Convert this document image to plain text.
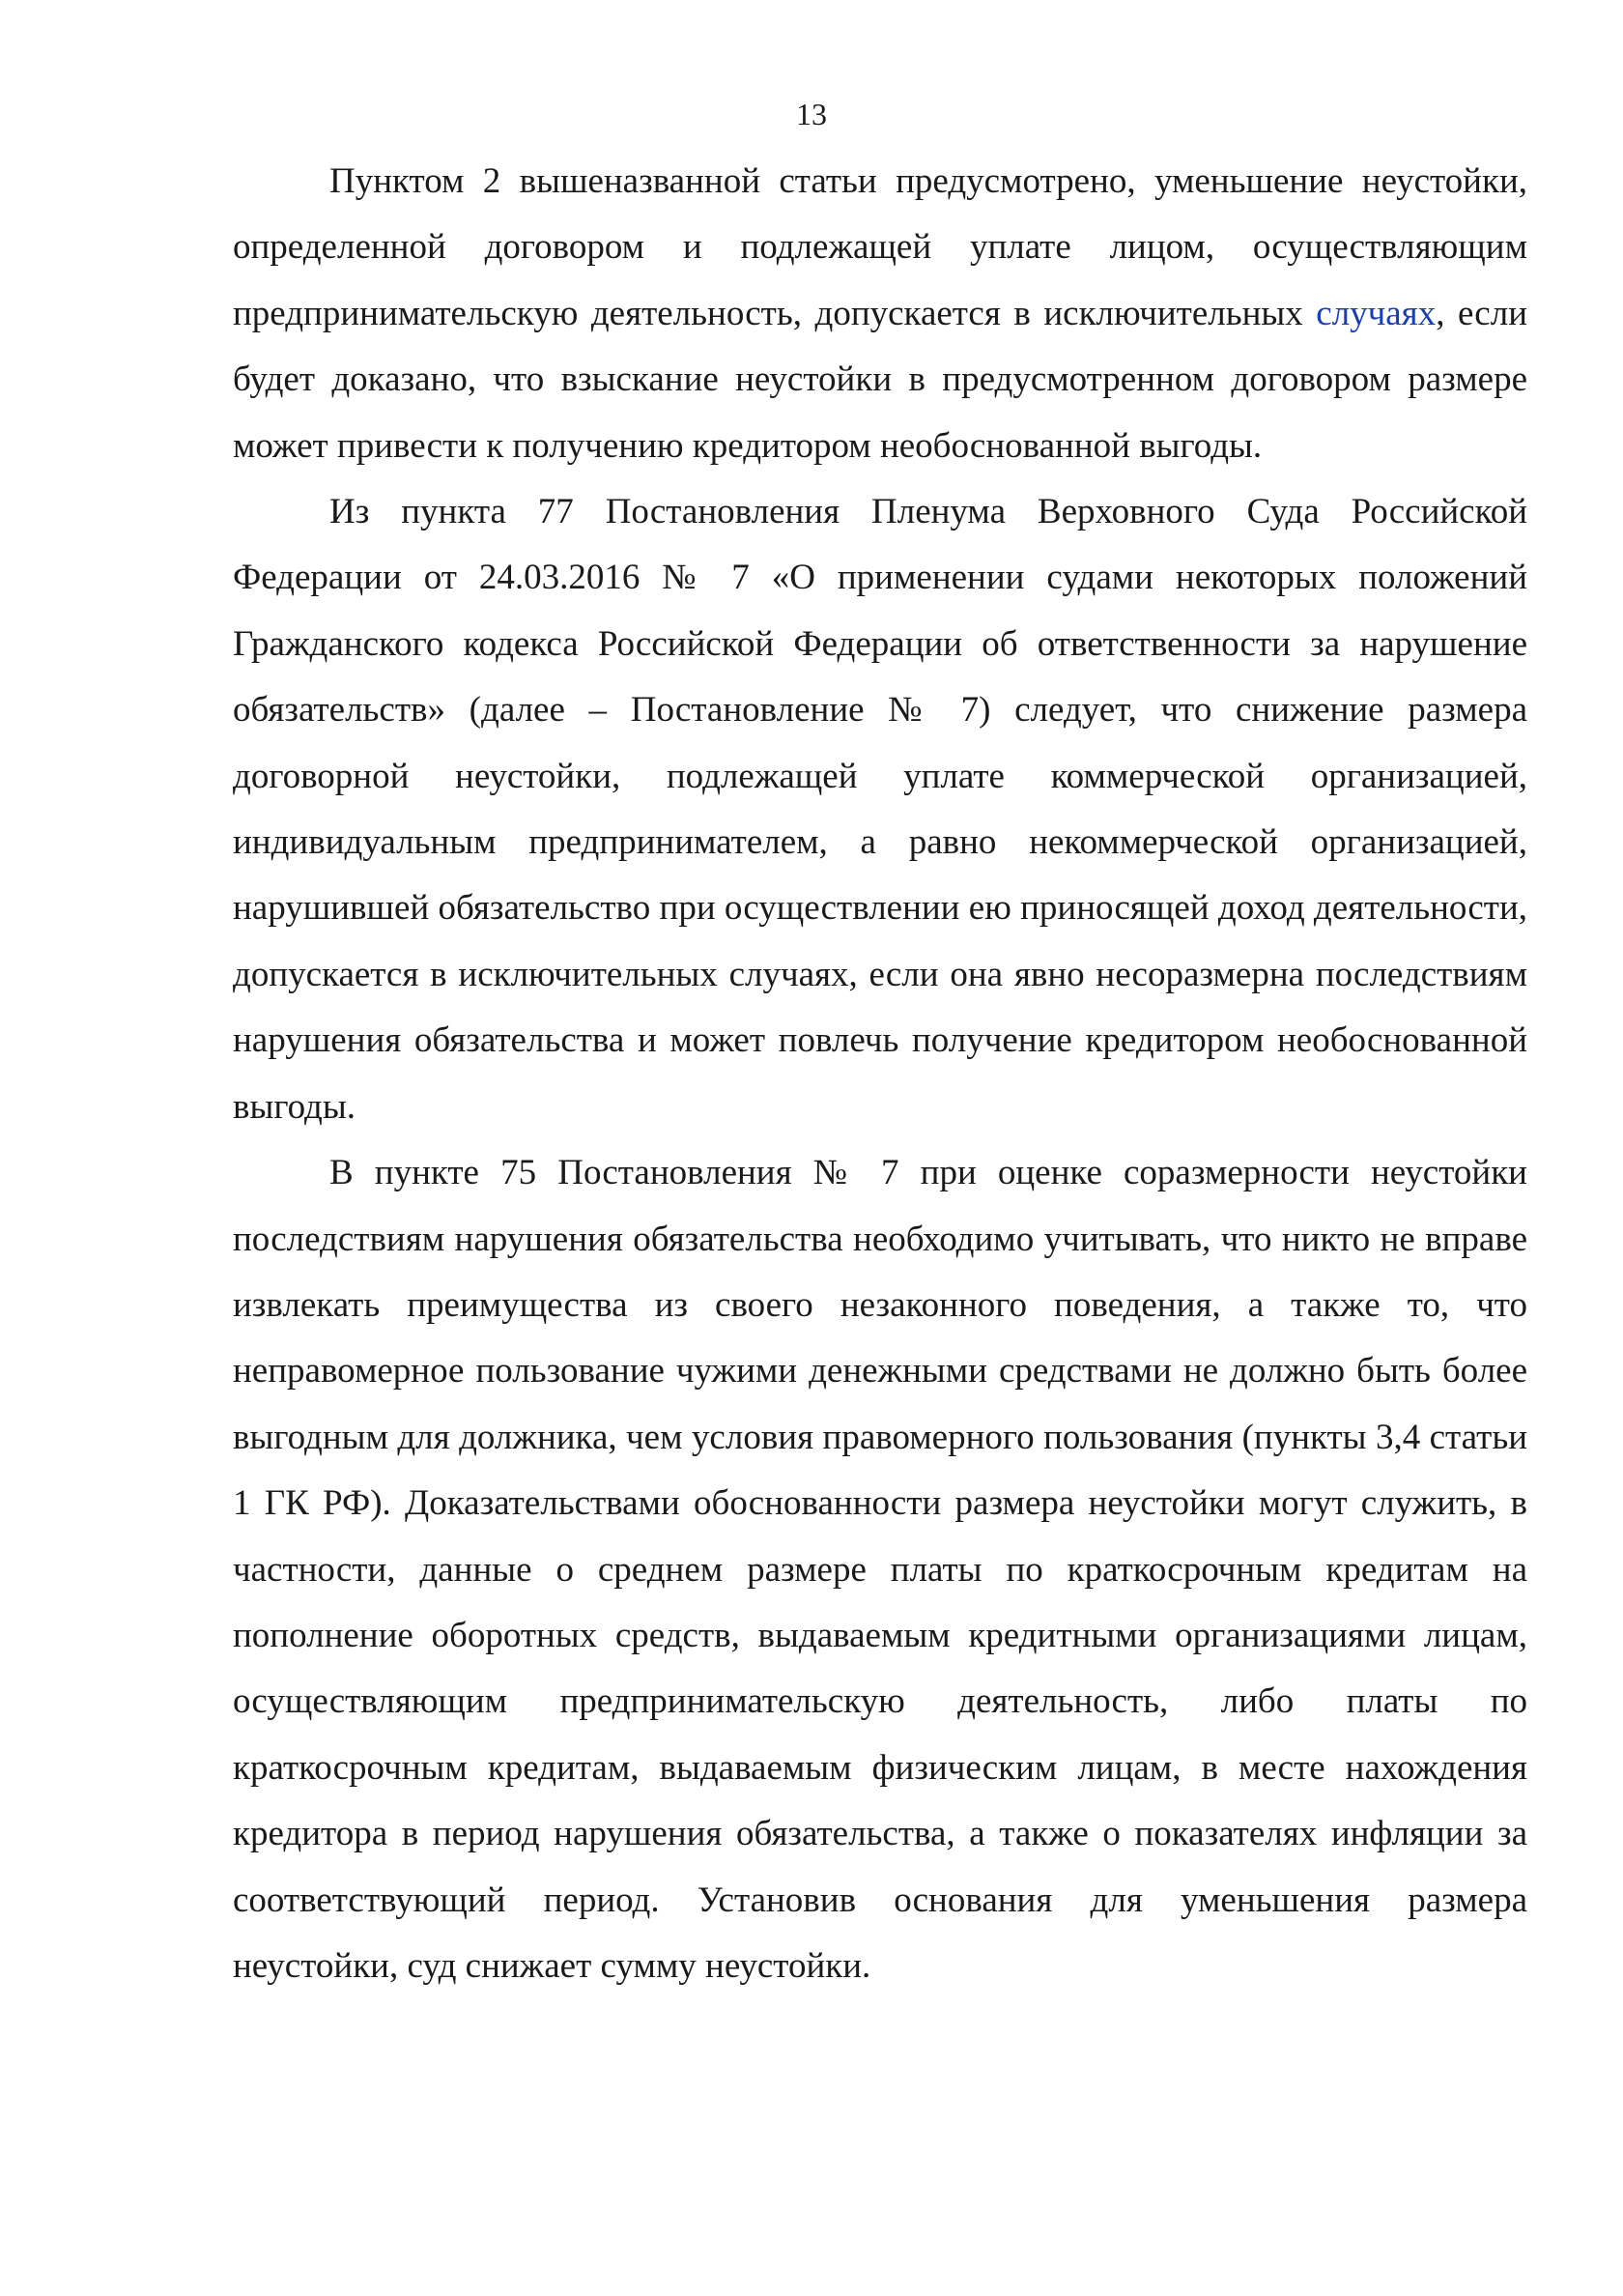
13

Пунктом 2 вышеназванной статьи предусмотрено, уменьшение неустойки, определенной договором и подлежащей уплате лицом, осуществляющим предпринимательскую деятельность, допускается в исключительных случаях, если будет доказано, что взыскание неустойки в предусмотренном договором размере может привести к получению кредитором необоснованной выгоды.

Из пункта 77 Постановления Пленума Верховного Суда Российской Федерации от 24.03.2016 № 7 «О применении судами некоторых положений Гражданского кодекса Российской Федерации об ответственности за нарушение обязательств» (далее – Постановление № 7) следует, что снижение размера договорной неустойки, подлежащей уплате коммерческой организацией, индивидуальным предпринимателем, а равно некоммерческой организацией, нарушившей обязательство при осуществлении ею приносящей доход деятельности, допускается в исключительных случаях, если она явно несоразмерна последствиям нарушения обязательства и может повлечь получение кредитором необоснованной выгоды.

В пункте 75 Постановления № 7 при оценке соразмерности неустойки последствиям нарушения обязательства необходимо учитывать, что никто не вправе извлекать преимущества из своего незаконного поведения, а также то, что неправомерное пользование чужими денежными средствами не должно быть более выгодным для должника, чем условия правомерного пользования (пункты 3,4 статьи 1 ГК РФ). Доказательствами обоснованности размера неустойки могут служить, в частности, данные о среднем размере платы по краткосрочным кредитам на пополнение оборотных средств, выдаваемым кредитными организациями лицам, осуществляющим предпринимательскую деятельность, либо платы по краткосрочным кредитам, выдаваемым физическим лицам, в месте нахождения кредитора в период нарушения обязательства, а также о показателях инфляции за соответствующий период. Установив основания для уменьшения размера неустойки, суд снижает сумму неустойки.
